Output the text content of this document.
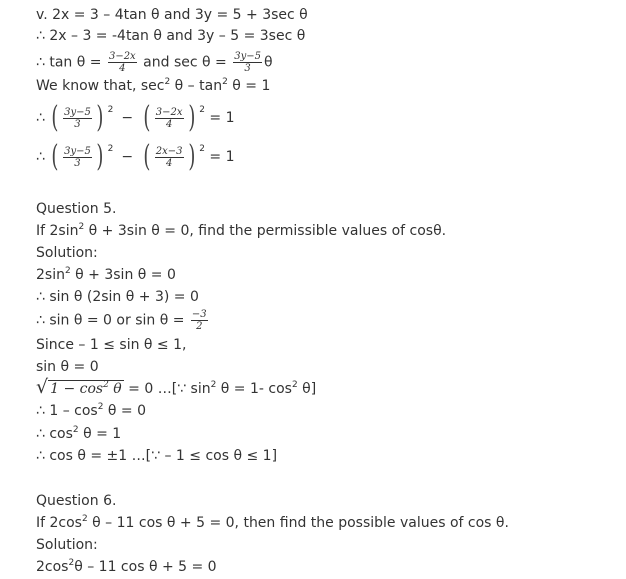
v. 2x = 3 – 4tan θ and 3y = 5 + 3sec θ
∴ 2x – 3 = -4tan θ and 3y – 5 = 3sec θ
∴ $\tan \theta = \frac{3-2x}{4}$ and $\sec \theta = \frac{3y-5}{3}$ θ
We know that, $\sec^2 \theta - \tan^2 \theta = 1$
∴ ( $\frac{3y-5}{3}$ ) $^2$ − ( $\frac{3-2x}{4}$ ) $^2$ = 1
∴ ( $\frac{3y-5}{3}$ ) $^2$ − ( $\frac{2x-3}{4}$ ) $^2$ = 1
Question 5.
If $2\sin^2$ θ + 3sin θ = 0, find the permissible values of cosθ.
Solution:
$2\sin^2$ θ + 3sin θ = 0
∴ sin θ (2sin θ + 3) = 0
∴ sin θ = 0 or $\sin \theta = \frac{-3}{2}$
Since – 1 ≤ sin θ ≤ 1,
sin θ = 0
√ $1 - \cos^2 \theta = 0$ …[∵ $\sin^2 \theta = 1-$ $\cos^2 \theta$]
∴ $1 - \cos^2 \theta = 0$
∴ $\cos^2 \theta = 1$
∴ cos θ = ±1 …[∵ – 1 ≤ cos θ ≤ 1]
Question 6.
If $2\cos^2$ θ – 11 cos θ + 5 = 0, then find the possible values of cos θ.
Solution:
$2\cos^2\theta - 11$ cos θ + 5 = 0
